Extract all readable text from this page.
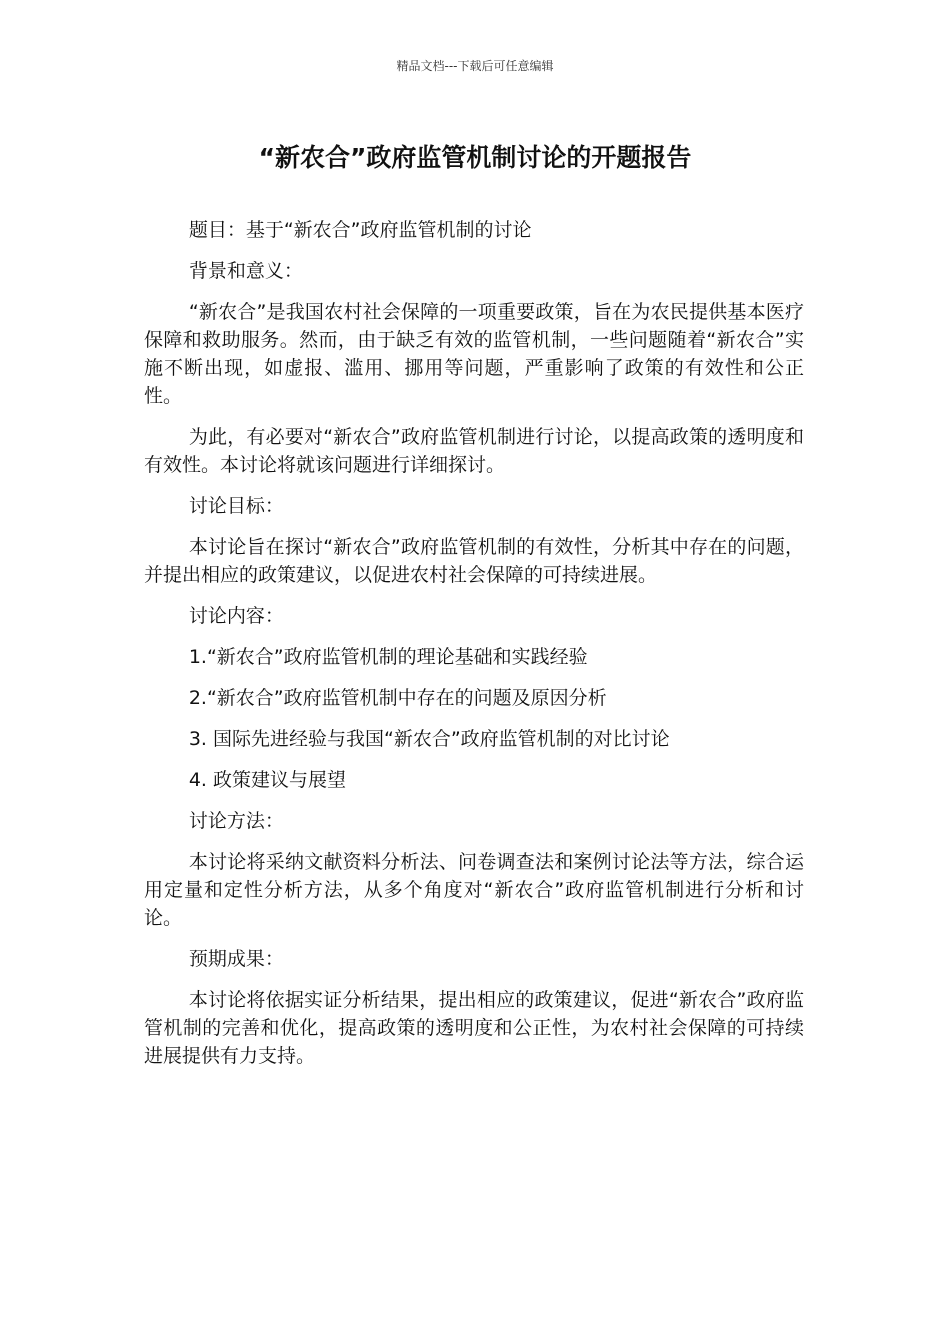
精品文档---下载后可任意编辑
“新农合”政府监管机制讨论的开题报告

题目：基于“新农合”政府监管机制的讨论

背景和意义：

“新农合”是我国农村社会保障的一项重要政策，旨在为农民提供基本医疗保障和救助服务。然而，由于缺乏有效的监管机制，一些问题随着“新农合”实施不断出现，如虚报、滥用、挪用等问题，严重影响了政策的有效性和公正性。

为此，有必要对“新农合”政府监管机制进行讨论，以提高政策的透明度和有效性。本讨论将就该问题进行详细探讨。

讨论目标：

本讨论旨在探讨“新农合”政府监管机制的有效性，分析其中存在的问题，并提出相应的政策建议，以促进农村社会保障的可持续进展。

讨论内容：

1.“新农合”政府监管机制的理论基础和实践经验

2.“新农合”政府监管机制中存在的问题及原因分析

3. 国际先进经验与我国“新农合”政府监管机制的对比讨论

4. 政策建议与展望

讨论方法：

本讨论将采纳文献资料分析法、问卷调查法和案例讨论法等方法，综合运用定量和定性分析方法，从多个角度对“新农合”政府监管机制进行分析和讨论。

预期成果：

本讨论将依据实证分析结果，提出相应的政策建议，促进“新农合”政府监管机制的完善和优化，提高政策的透明度和公正性，为农村社会保障的可持续进展提供有力支持。
